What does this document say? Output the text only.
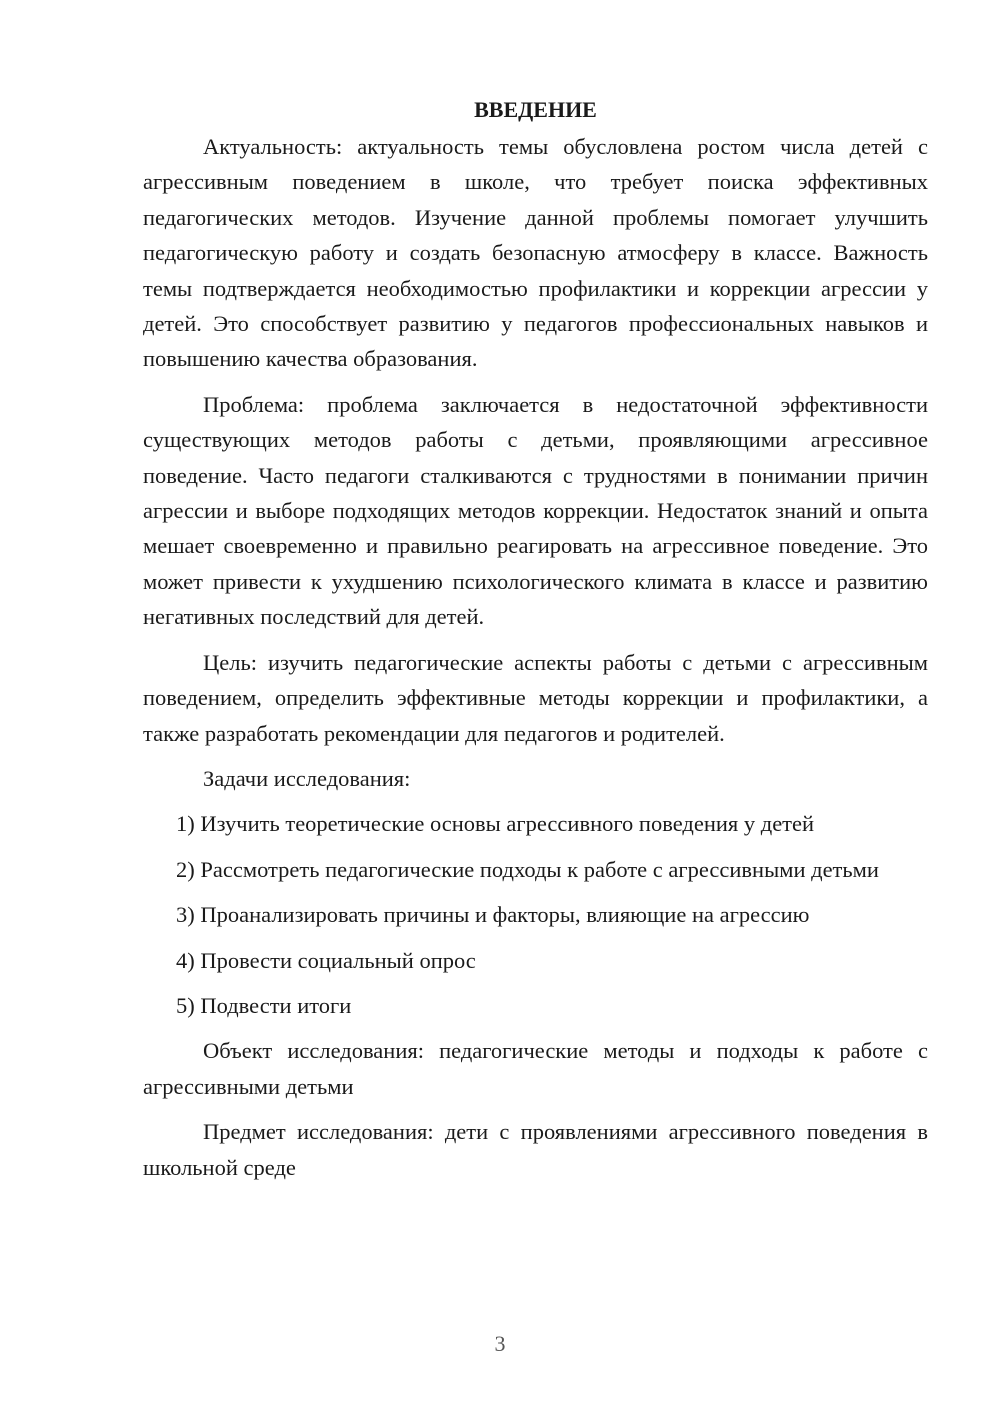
ВВЕДЕНИЕ

Актуальность: актуальность темы обусловлена ростом числа детей с агрессивным поведением в школе, что требует поиска эффективных педагогических методов. Изучение данной проблемы помогает улучшить педагогическую работу и создать безопасную атмосферу в классе. Важность темы подтверждается необходимостью профилактики и коррекции агрессии у детей. Это способствует развитию у педагогов профессиональных навыков и повышению качества образования.

Проблема: проблема заключается в недостаточной эффективности существующих методов работы с детьми, проявляющими агрессивное поведение. Часто педагоги сталкиваются с трудностями в понимании причин агрессии и выборе подходящих методов коррекции. Недостаток знаний и опыта мешает своевременно и правильно реагировать на агрессивное поведение. Это может привести к ухудшению психологического климата в классе и развитию негативных последствий для детей.

Цель: изучить педагогические аспекты работы с детьми с агрессивным поведением, определить эффективные методы коррекции и профилактики, а также разработать рекомендации для педагогов и родителей.

Задачи исследования:

1) Изучить теоретические основы агрессивного поведения у детей

2) Рассмотреть педагогические подходы к работе с агрессивными детьми

3) Проанализировать причины и факторы, влияющие на агрессию

4) Провести социальный опрос

5) Подвести итоги

Объект исследования: педагогические методы и подходы к работе с агрессивными детьми

Предмет исследования: дети с проявлениями агрессивного поведения в школьной среде

3
